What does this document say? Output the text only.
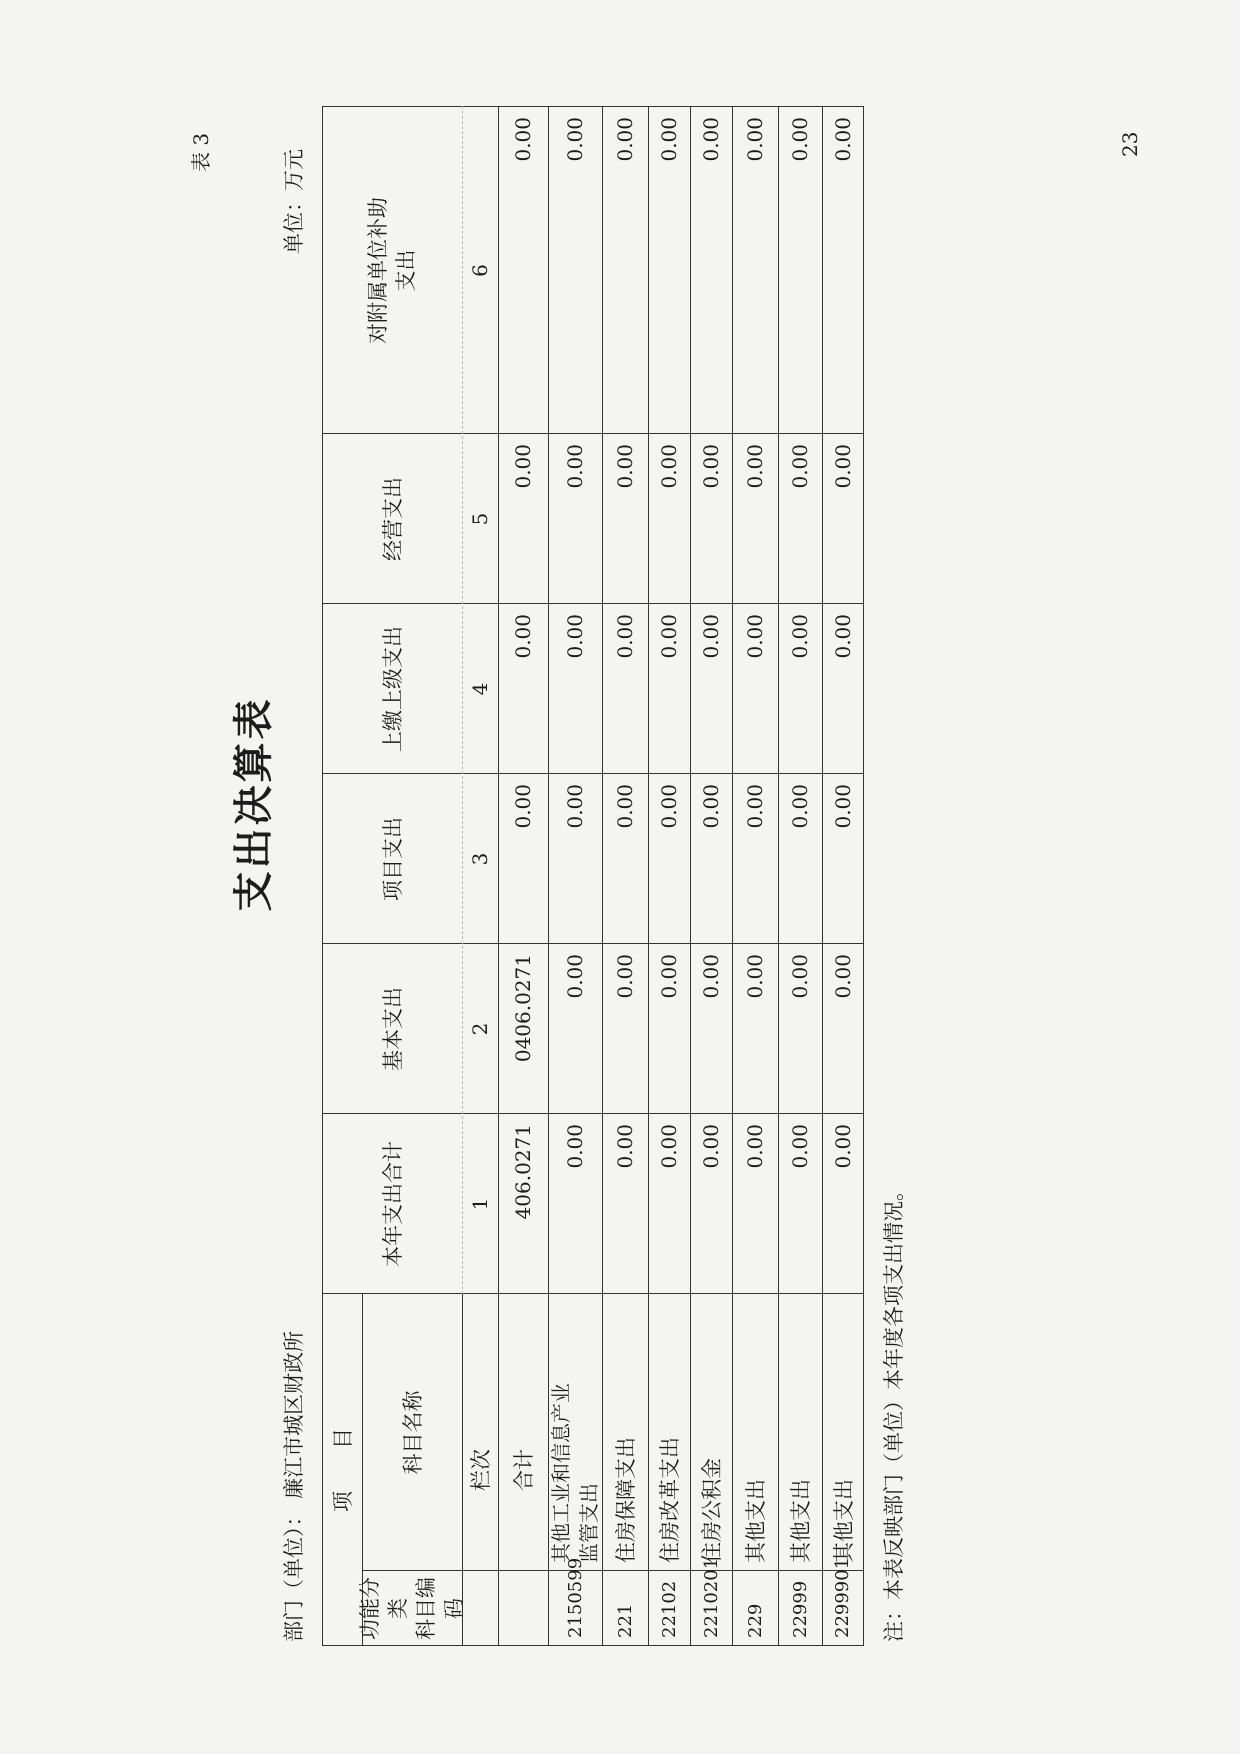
23
表 3
支出决算表
部门（单位）： 廉江市城区财政所
单位：万元
项　　目
功能分类
科目编码
科目名称	栏次
本年支出合计
基本支出
项目支出
上缴上级支出
经营支出
对附属单位补助
支出
1
2
3
4
5
6
合计
406.0271
0406.0271
0.00
0.00
0.00
0.00
2150599
其他工业和信息产业
监管支出
0.00
0.00
0.00
0.00
0.00
0.00
221
住房保障支出
0.00
0.00
0.00
0.00
0.00
0.00
22102
住房改革支出
0.00
0.00
0.00
0.00
0.00
0.00
2210201
住房公积金
0.00
0.00
0.00
0.00
0.00
0.00
229
其他支出
0.00
0.00
0.00
0.00
0.00
0.00
22999
其他支出
0.00
0.00
0.00
0.00
0.00
0.00
2299901
其他支出
0.00
0.00
0.00
0.00
0.00
0.00
注：本表反映部门（单位）本年度各项支出情况。
